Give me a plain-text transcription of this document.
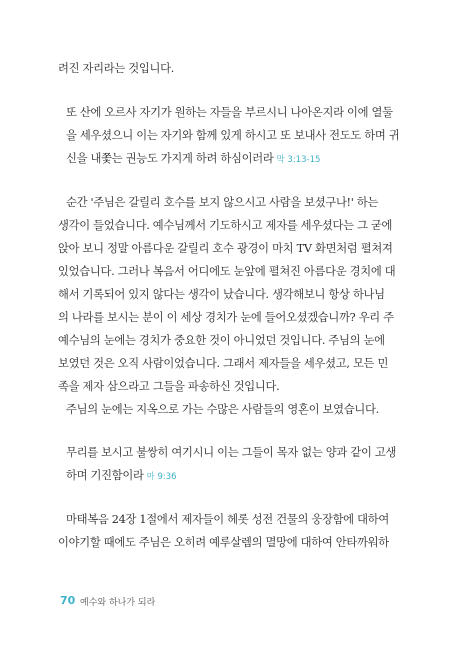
려진 자리라는 것입니다.
또 산에 오르사 자기가 원하는 자들을 부르시니 나아온지라 이에 열둘
을 세우셨으니 이는 자기와 함께 있게 하시고 또 보내사 전도도 하며 귀
신을 내쫓는 권능도 가지게 하려 하심이러라 막 3:13-15
순간 '주님은 갈릴리 호수를 보지 않으시고 사람을 보셨구나!' 하는
생각이 들었습니다. 예수님께서 기도하시고 제자를 세우셨다는 그 굳에
앉아 보니 정말 아름다운 갈릴리 호수 광경이 마치 TV 화면처럼 펼쳐져
있었습니다. 그러나 복음서 어디에도 눈앞에 펼쳐진 아름다운 경치에 대
해서 기록되어 있지 않다는 생각이 났습니다. 생각해보니 항상 하나님
의 나라를 보시는 분이 이 세상 경치가 눈에 들어오셨겠습니까? 우리 주
예수님의 눈에는 경치가 중요한 것이 아니었던 것입니다. 주님의 눈에
보였던 것은 오직 사람이었습니다. 그래서 제자들을 세우셨고, 모든 민
족을 제자 삼으라고 그들을 파송하신 것입니다.
주님의 눈에는 지옥으로 가는 수많은 사람들의 영혼이 보였습니다.
무리를 보시고 불쌍히 여기시니 이는 그들이 목자 없는 양과 같이 고생
하며 기진함이라 마 9:36
마태복음 24장 1절에서 제자들이 헤롯 성전 건물의 웅장함에 대하여
이야기할 때에도 주님은 오히려 예루살렘의 멸망에 대하여 안타까워하
70 예수와 하나가 되라
